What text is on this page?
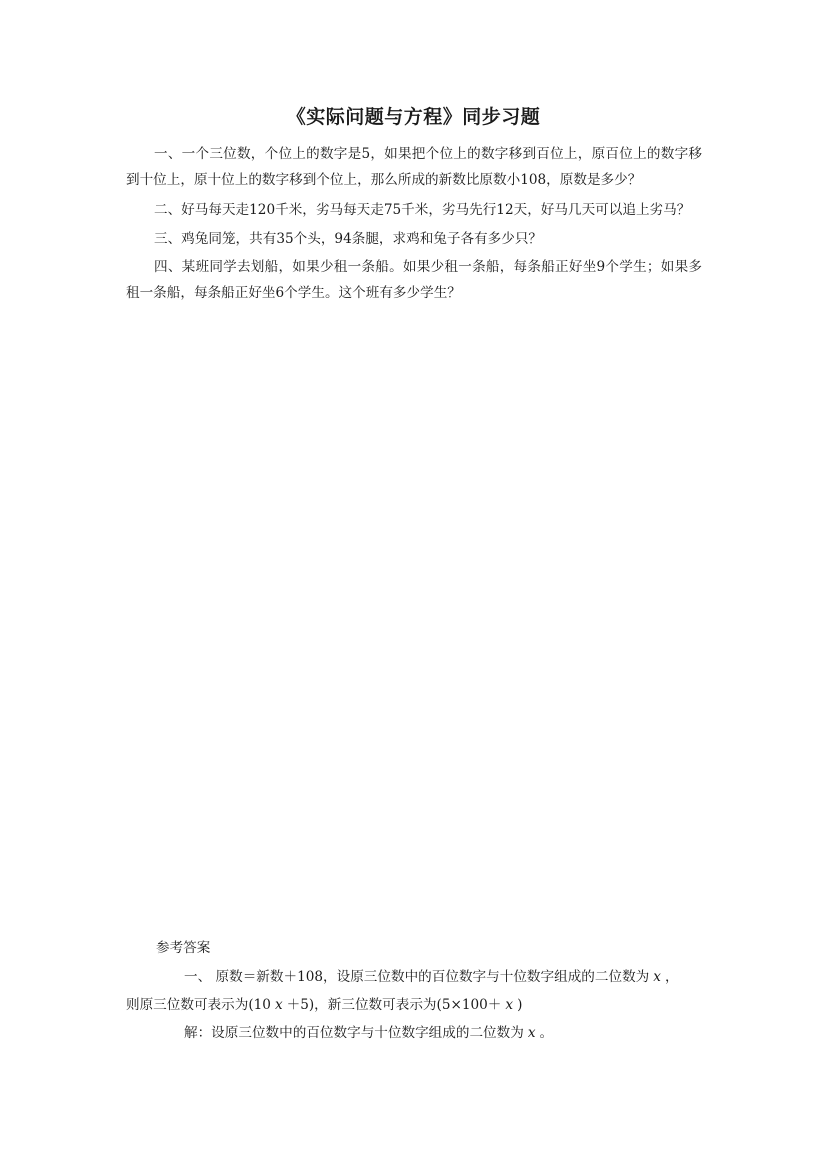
《实际问题与方程》同步习题
一、一个三位数，个位上的数字是5，如果把个位上的数字移到百位上，原百位上的数字移到十位上，原十位上的数字移到个位上，那么所成的新数比原数小108，原数是多少？
二、好马每天走120千米，劣马每天走75千米，劣马先行12天，好马几天可以追上劣马？
三、鸡兔同笼，共有35个头，94条腿，求鸡和兔子各有多少只？
四、某班同学去划船，如果少租一条船。如果少租一条船，每条船正好坐9个学生；如果多租一条船，每条船正好坐6个学生。这个班有多少学生？
参考答案
一、 原数＝新数＋108，设原三位数中的百位数字与十位数字组成的二位数为 x ，
则原三位数可表示为(10 x ＋5)，新三位数可表示为(5×100＋ x )
解：设原三位数中的百位数字与十位数字组成的二位数为 x 。
